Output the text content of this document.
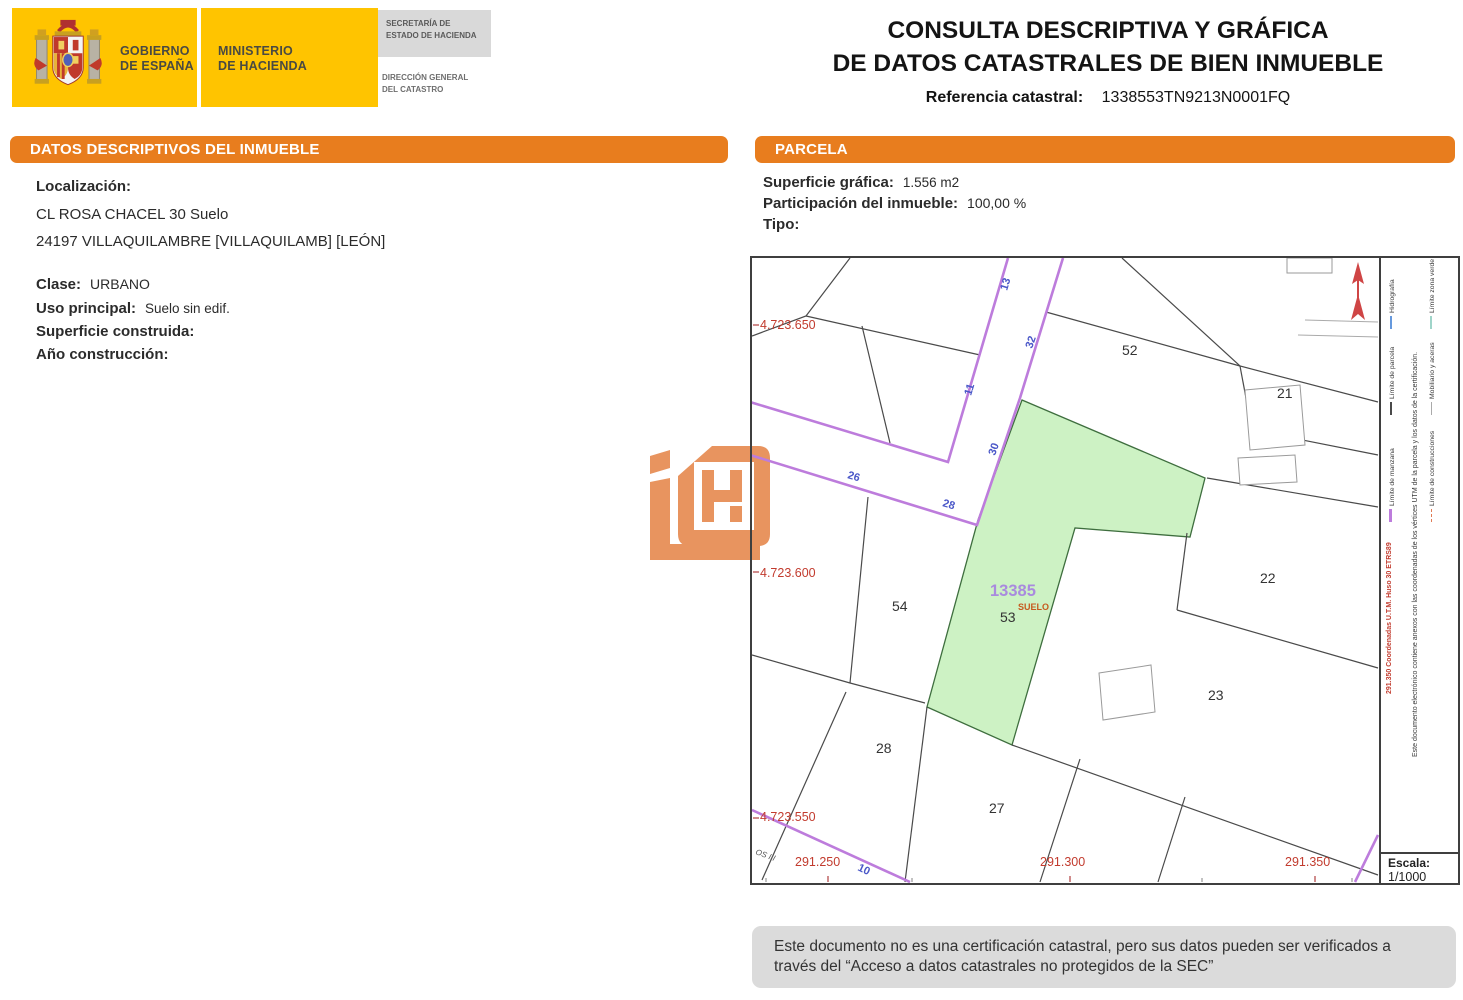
GOBIERNO
DE ESPAÑA
MINISTERIO
DE HACIENDA
SECRETARÍA DE ESTADO DE HACIENDA
DIRECCIÓN GENERAL DEL CATASTRO
CONSULTA DESCRIPTIVA Y GRÁFICA
DE DATOS CATASTRALES DE BIEN INMUEBLE
Referencia catastral: 1338553TN9213N0001FQ
DATOS DESCRIPTIVOS DEL INMUEBLE
Localización:
CL ROSA CHACEL 30 Suelo
24197 VILLAQUILAMBRE [VILLAQUILAMB] [LEÓN]
Clase: URBANO
Uso principal: Suelo sin edif.
Superficie construida:
Año construcción:
PARCELA
Superficie gráfica: 1.556 m2
Participación del inmueble: 100,00 %
Tipo:
4.723.650
4.723.600
4.723.550
291.250	291.300	291.350
52
21
22
23
54
28
27
13385
SUELO
53
26
28
30
11
13
32
10
OS III
291.350 Coordenadas U.T.M. Huso 30 ETRS89	Este documento electrónico contiene anexos con las coordenadas de los vértices UTM de la parcela y los datos de la certificación.
Límite de manzana	Límite de construcciones
Límite de parcela	Mobiliario y aceras
Hidrografía	Límite zona verde
Escala:
1/1000
Este documento no es una certificación catastral, pero sus datos pueden ser verificados a
través del “Acceso a datos catastrales no protegidos de la SEC”
